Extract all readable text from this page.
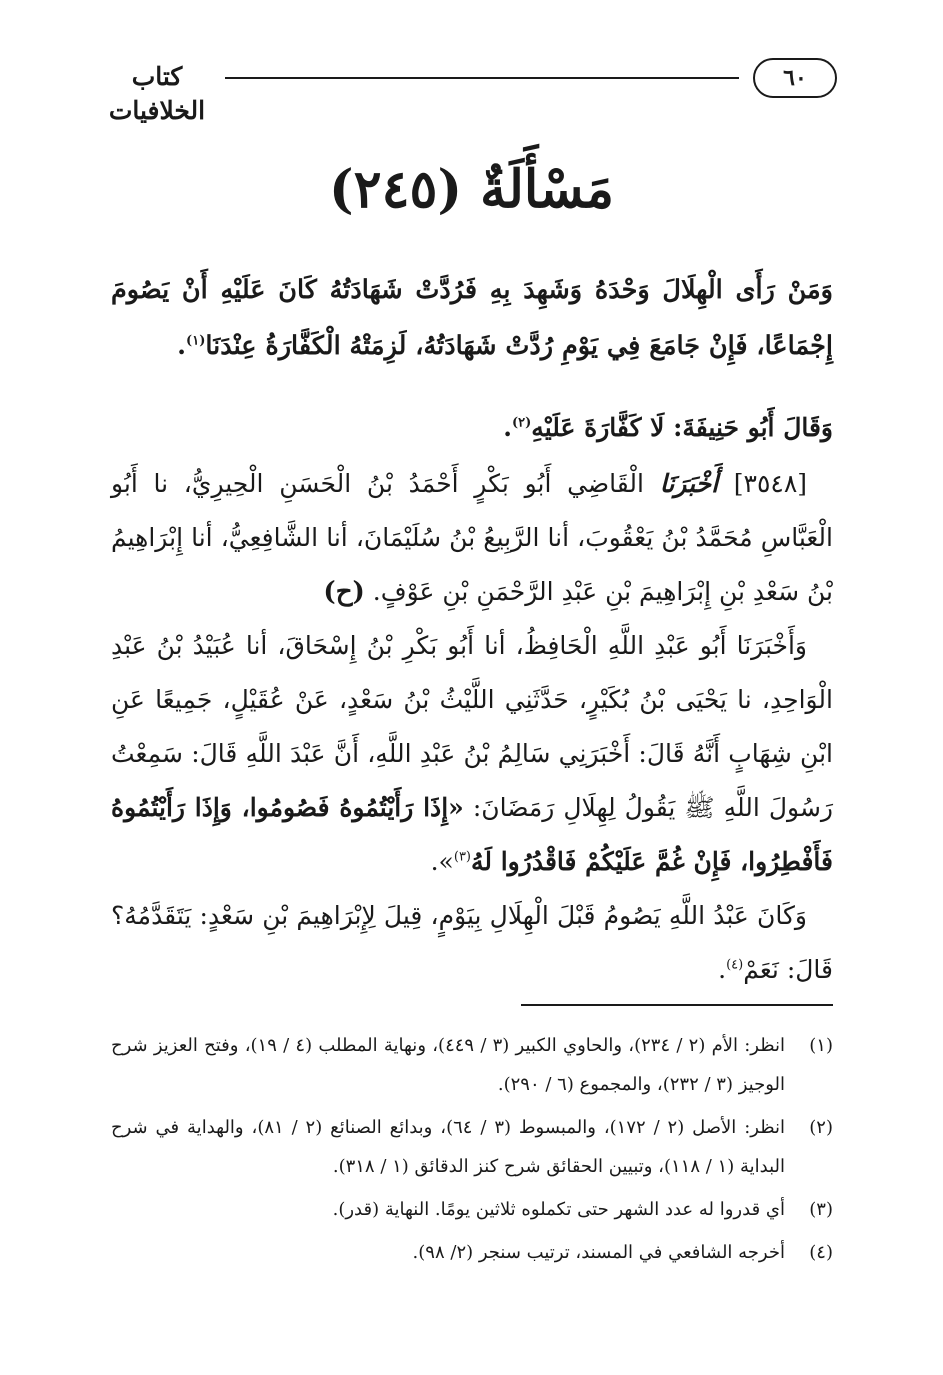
٦٠
كتاب الخلافيات
مَسْأَلَةٌ (٢٤٥)
وَمَنْ رَأَى الْهِلَالَ وَحْدَهُ وَشَهِدَ بِهِ فَرُدَّتْ شَهَادَتُهُ كَانَ عَلَيْهِ أَنْ يَصُومَ إِجْمَاعًا، فَإِنْ جَامَعَ فِي يَوْمِ رُدَّتْ شَهَادَتُهُ، لَزِمَتْهُ الْكَفَّارَةُ عِنْدَنَا$^{(١)}$.
وَقَالَ أَبُو حَنِيفَةَ: لَا كَفَّارَةَ عَلَيْهِ$^{(٢)}$.

[٣٥٤٨] أَخْبَرَنَا الْقَاضِي أَبُو بَكْرٍ أَحْمَدُ بْنُ الْحَسَنِ الْحِيرِيُّ، نا أَبُو الْعَبَّاسِ مُحَمَّدُ بْنُ يَعْقُوبَ، أنا الرَّبِيعُ بْنُ سُلَيْمَانَ، أنا الشَّافِعِيُّ، أنا إِبْرَاهِيمُ بْنُ سَعْدِ بْنِ إِبْرَاهِيمَ بْنِ عَبْدِ الرَّحْمَنِ بْنِ عَوْفٍ. (ح)

وَأَخْبَرَنَا أَبُو عَبْدِ اللَّهِ الْحَافِظُ، أنا أَبُو بَكْرِ بْنُ إِسْحَاقَ، أنا عُبَيْدُ بْنُ عَبْدِ الْوَاحِدِ، نا يَحْيَى بْنُ بُكَيْرٍ، حَدَّثَنِي اللَّيْثُ بْنُ سَعْدٍ، عَنْ عُقَيْلٍ، جَمِيعًا عَنِ ابْنِ شِهَابٍ أَنَّهُ قَالَ: أَخْبَرَنِي سَالِمُ بْنُ عَبْدِ اللَّهِ، أَنَّ عَبْدَ اللَّهِ قَالَ: سَمِعْتُ رَسُولَ اللَّهِ ﷺ يَقُولُ لِهِلَالِ رَمَضَانَ: «إِذَا رَأَيْتُمُوهُ فَصُومُوا، وَإِذَا رَأَيْتُمُوهُ فَأَفْطِرُوا، فَإِنْ غُمَّ عَلَيْكُمْ فَاقْدُرُوا لَهُ$^{(٣)}$».

وَكَانَ عَبْدُ اللَّهِ يَصُومُ قَبْلَ الْهِلَالِ بِيَوْمٍ، قِيلَ لِإِبْرَاهِيمَ بْنِ سَعْدٍ: يَتَقَدَّمُهُ؟ قَالَ: نَعَمْ$^{(٤)}$.

(١)
انظر: الأم (٢ / ٢٣٤)، والحاوي الكبير (٣ / ٤٤٩)، ونهاية المطلب (٤ / ١٩)، وفتح العزيز شرح الوجيز (٣ / ٢٣٢)، والمجموع (٦ / ٢٩٠).

(٢)
انظر: الأصل (٢ / ١٧٢)، والمبسوط (٣ / ٦٤)، وبدائع الصنائع (٢ / ٨١)، والهداية في شرح البداية (١ / ١١٨)، وتبيين الحقائق شرح كنز الدقائق (١ / ٣١٨).

(٣)
أي قدروا له عدد الشهر حتى تكملوه ثلاثين يومًا. النهاية (قدر).

(٤)
أخرجه الشافعي في المسند، ترتيب سنجر (٢/ ٩٨).
